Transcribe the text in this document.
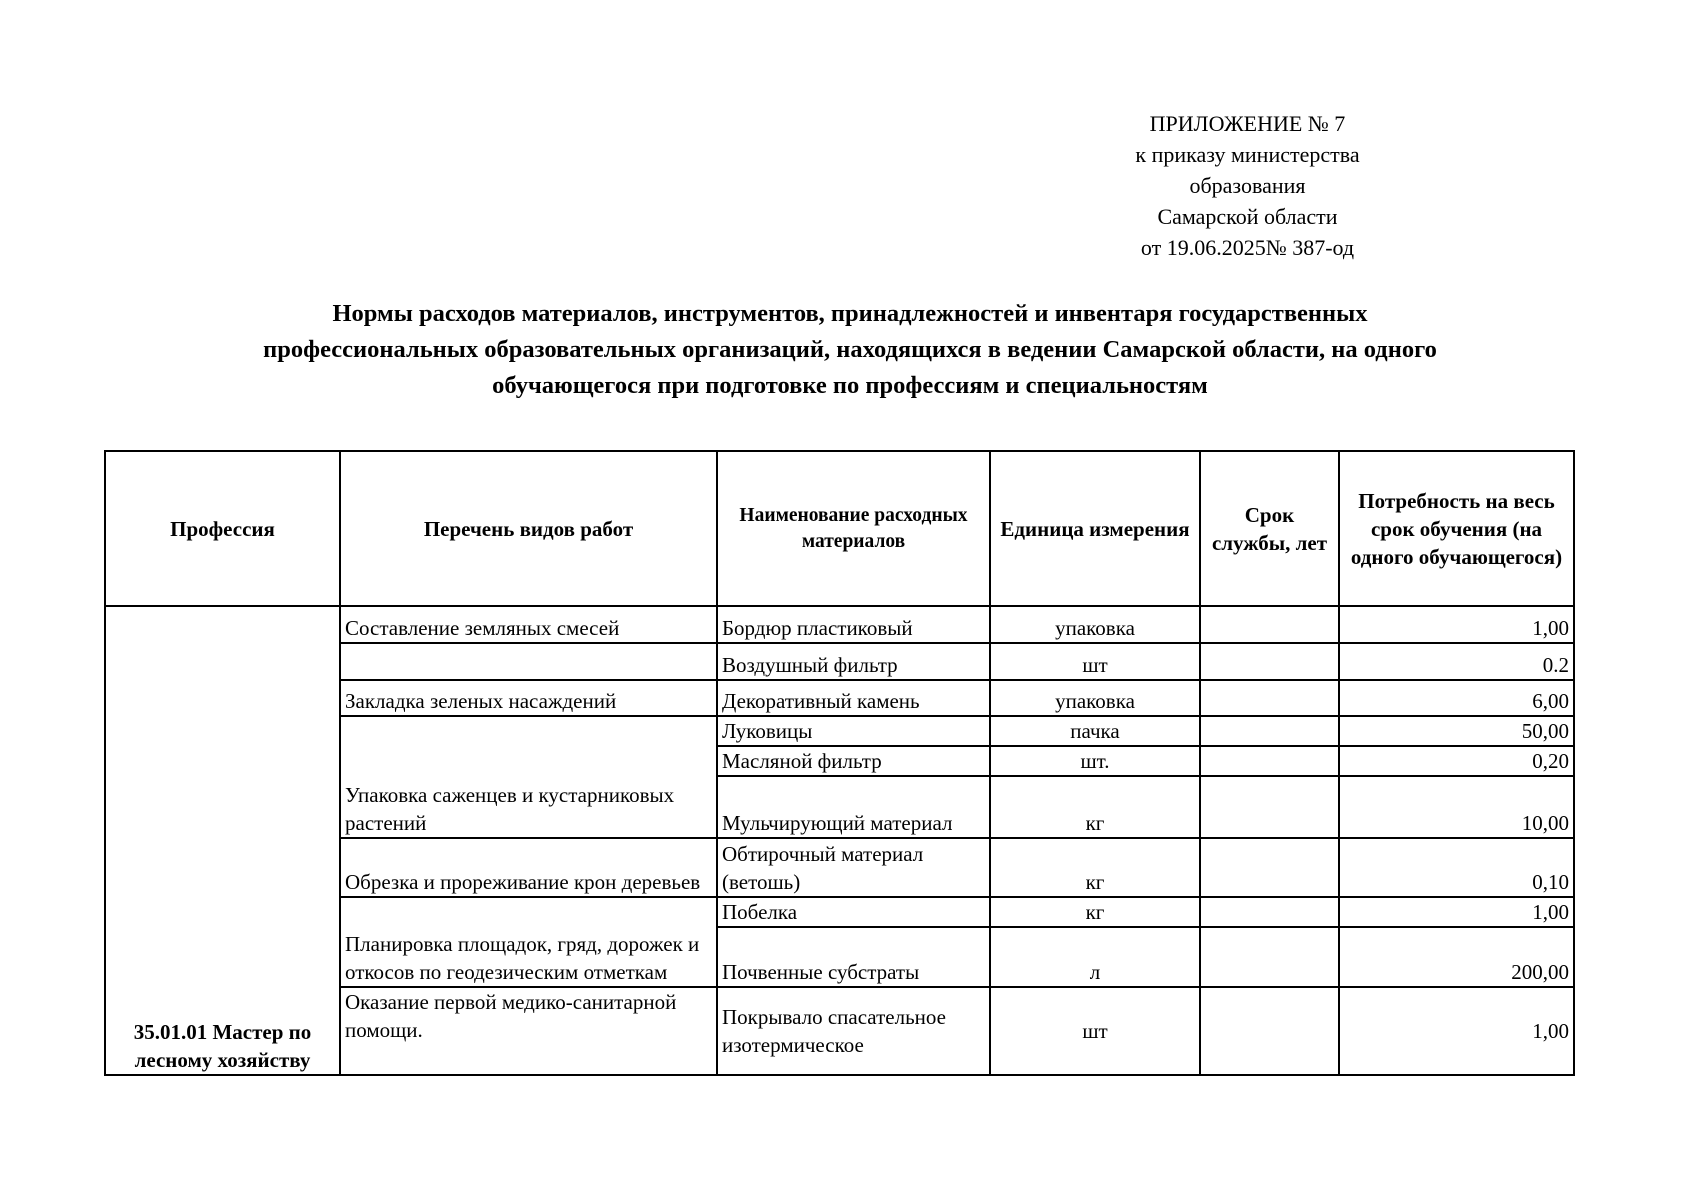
ПРИЛОЖЕНИЕ № 7
к приказу министерства
образования
Самарской области
от 19.06.2025№ 387-од
Нормы расходов материалов, инструментов, принадлежностей и инвентаря государственных
профессиональных образовательных организаций, находящихся в ведении Самарской области, на одного
обучающегося при подготовке по профессиям и специальностям
Профессия	Перечень видов работ	Наименование расходных материалов	Единица измерения	Срок службы, лет	Потребность на весь срок обучения (на одного обучающегося)
35.01.01 Мастер по лесному хозяйству	Составление земляных смесей	Бордюр пластиковый	упаковка		1,00
		Воздушный фильтр	шт		0.2
	Закладка зеленых насаждений	Декоративный камень	упаковка		6,00
	Упаковка саженцев и кустарниковых растений	Луковицы	пачка		50,00
		Масляной фильтр	шт.		0,20
		Мульчирующий материал	кг		10,00
	Обрезка и прореживание крон деревьев	Обтирочный материал (ветошь)	кг		0,10
	Планировка площадок, гряд, дорожек и откосов по геодезическим отметкам	Побелка	кг		1,00
		Почвенные субстраты	л		200,00
	Оказание первой медико-санитарной помощи.	Покрывало спасательное изотермическое	шт		1,00
